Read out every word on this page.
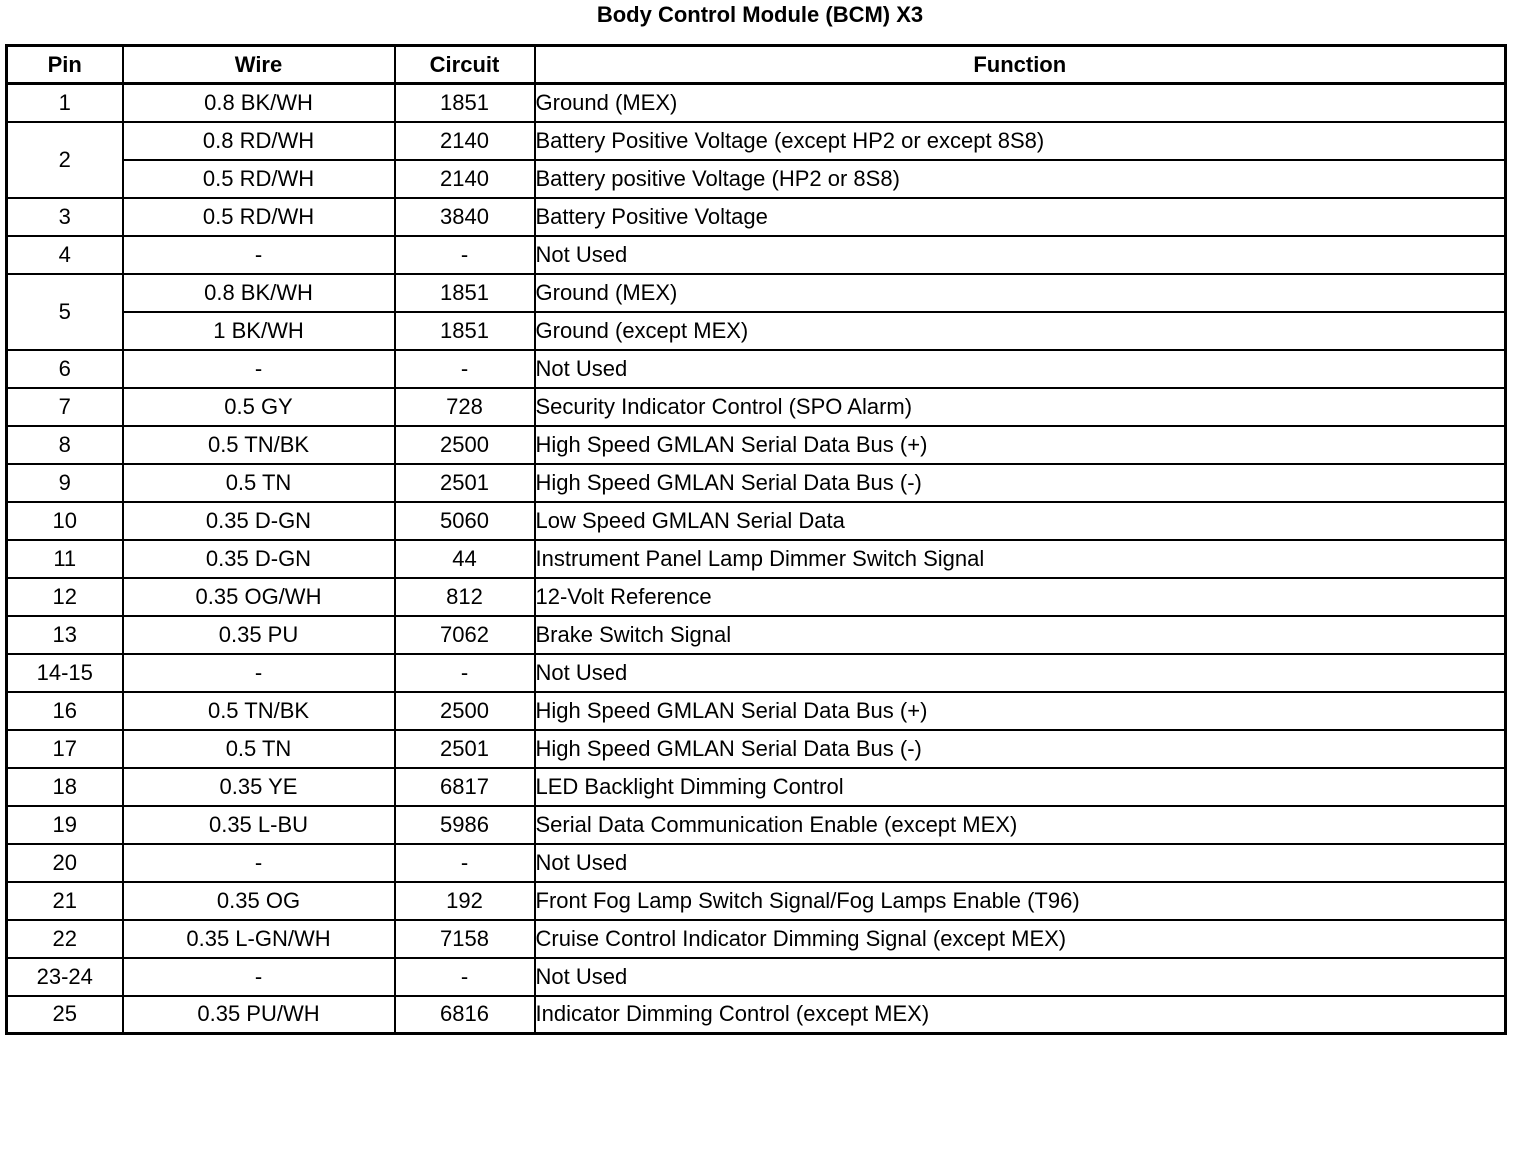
Body Control Module (BCM) X3
Pin	Wire	Circuit	Function
1	0.8 BK/WH	1851	Ground (MEX)
2	0.8 RD/WH	2140	Battery Positive Voltage (except HP2 or except 8S8)
	0.5 RD/WH	2140	Battery positive Voltage (HP2 or 8S8)
3	0.5 RD/WH	3840	Battery Positive Voltage
4	-	-	Not Used
5	0.8 BK/WH	1851	Ground (MEX)
	1 BK/WH	1851	Ground (except MEX)
6	-	-	Not Used
7	0.5 GY	728	Security Indicator Control (SPO Alarm)
8	0.5 TN/BK	2500	High Speed GMLAN Serial Data Bus (+)
9	0.5 TN	2501	High Speed GMLAN Serial Data Bus (-)
10	0.35 D-GN	5060	Low Speed GMLAN Serial Data
11	0.35 D-GN	44	Instrument Panel Lamp Dimmer Switch Signal
12	0.35 OG/WH	812	12-Volt Reference
13	0.35 PU	7062	Brake Switch Signal
14-15	-	-	Not Used
16	0.5 TN/BK	2500	High Speed GMLAN Serial Data Bus (+)
17	0.5 TN	2501	High Speed GMLAN Serial Data Bus (-)
18	0.35 YE	6817	LED Backlight Dimming Control
19	0.35 L-BU	5986	Serial Data Communication Enable (except MEX)
20	-	-	Not Used
21	0.35 OG	192	Front Fog Lamp Switch Signal/Fog Lamps Enable (T96)
22	0.35 L-GN/WH	7158	Cruise Control Indicator Dimming Signal (except MEX)
23-24	-	-	Not Used
25	0.35 PU/WH	6816	Indicator Dimming Control (except MEX)
